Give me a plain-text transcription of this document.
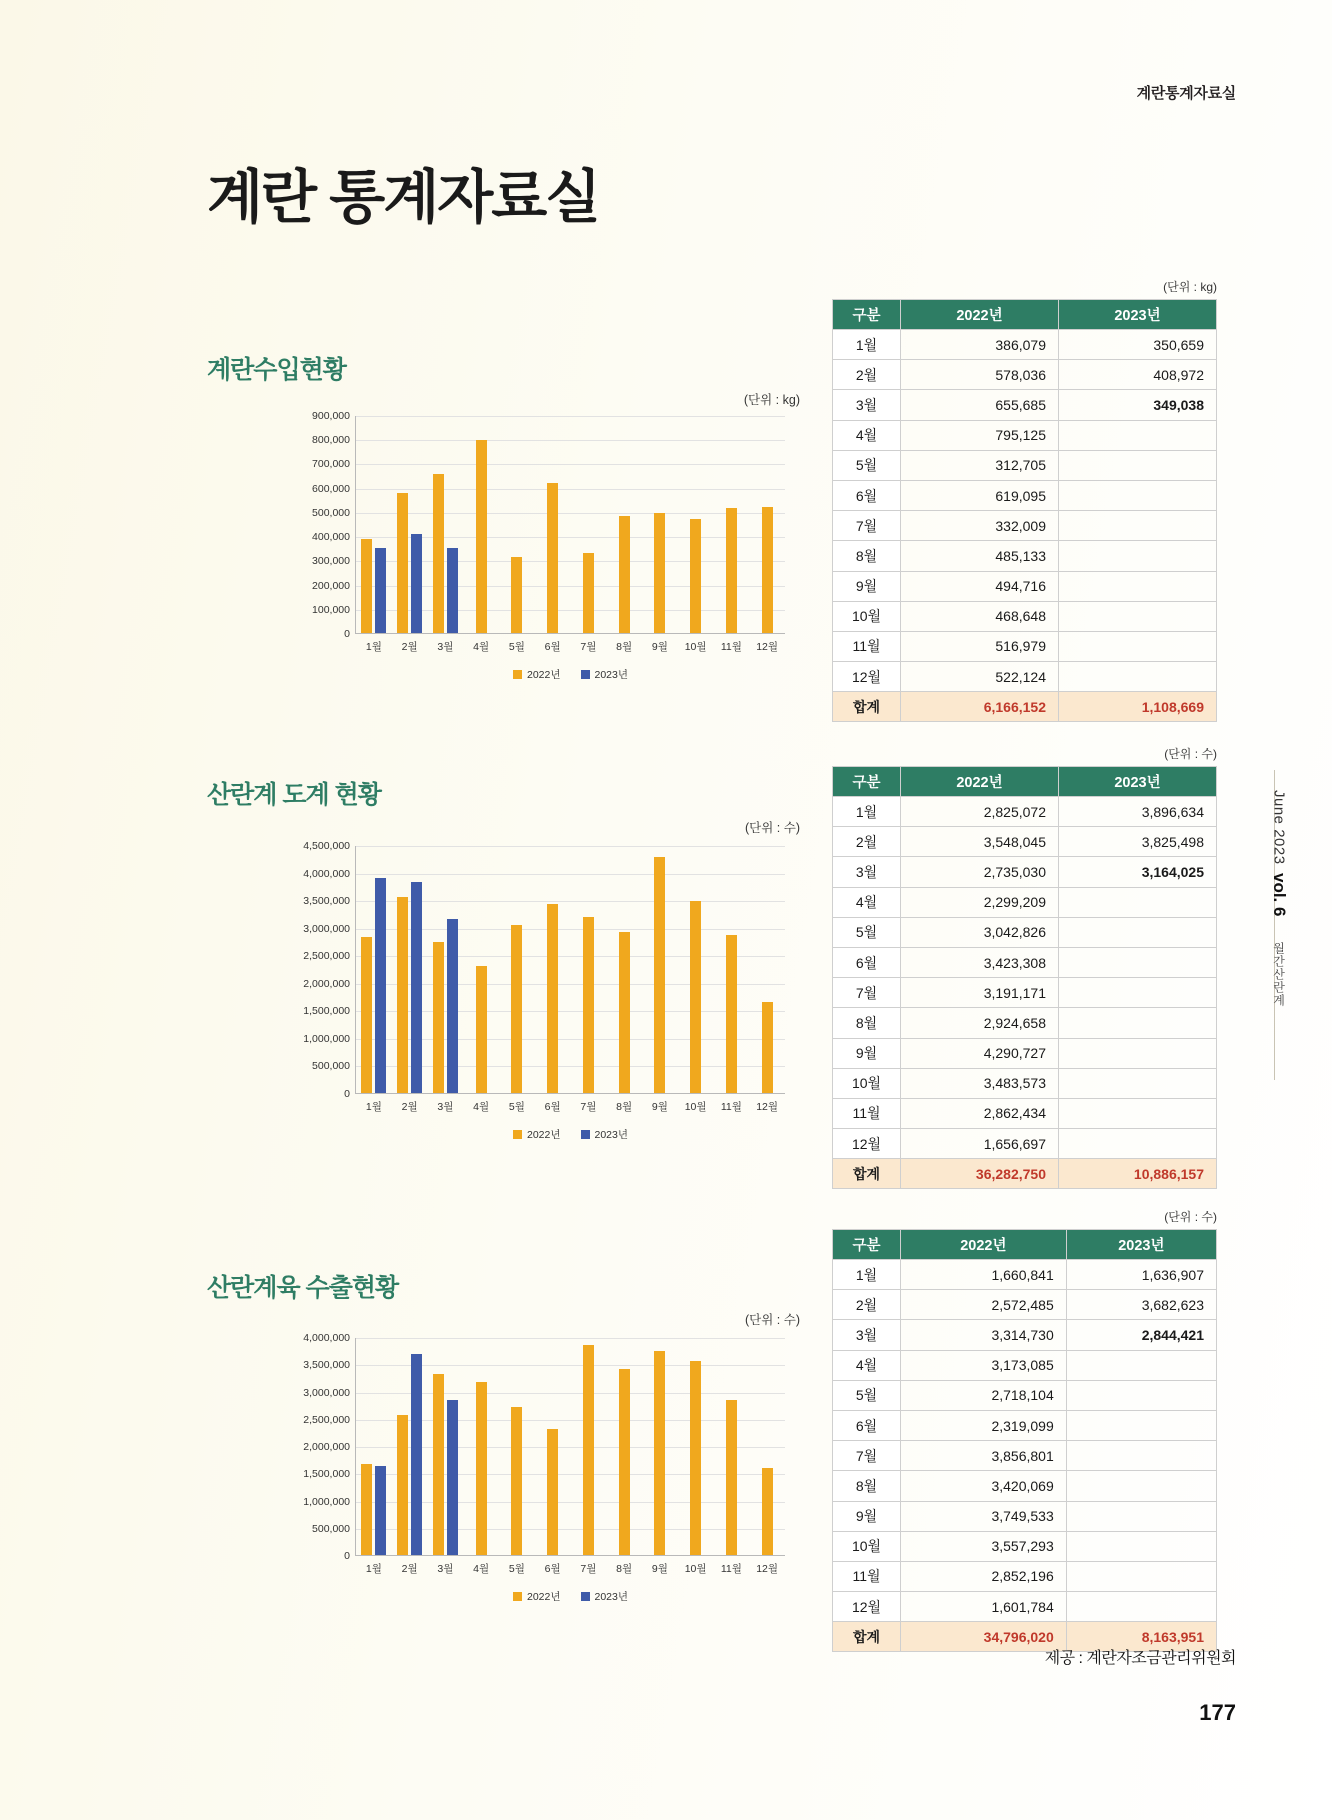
계란통계자료실
계란 통계자료실
June 2023
vol. 6
월간산란계
계란수입현황
(단위 : kg)
0
100,000
200,000
300,000
400,000
500,000
600,000
700,000
800,000
900,000
1월	2월	3월	4월	5월	6월	7월	8월	9월	10월	11월	12월
2022년	2023년
(단위 : kg)
구분	2022년	2023년
1월	386,079	350,659
2월	578,036	408,972
3월	655,685	349,038
4월	795,125	
5월	312,705	
6월	619,095	
7월	332,009	
8월	485,133	
9월	494,716	
10월	468,648	
11월	516,979	
12월	522,124	
합계	6,166,152	1,108,669
산란계 도계 현황
(단위 : 수)
0
500,000
1,000,000
1,500,000
2,000,000
2,500,000
3,000,000
3,500,000
4,000,000
4,500,000
1월	2월	3월	4월	5월	6월	7월	8월	9월	10월	11월	12월
2022년	2023년
(단위 : 수)
구분	2022년	2023년
1월	2,825,072	3,896,634
2월	3,548,045	3,825,498
3월	2,735,030	3,164,025
4월	2,299,209	
5월	3,042,826	
6월	3,423,308	
7월	3,191,171	
8월	2,924,658	
9월	4,290,727	
10월	3,483,573	
11월	2,862,434	
12월	1,656,697	
합계	36,282,750	10,886,157
산란계육 수출현황
(단위 : 수)
0
500,000
1,000,000
1,500,000
2,000,000
2,500,000
3,000,000
3,500,000
4,000,000
1월	2월	3월	4월	5월	6월	7월	8월	9월	10월	11월	12월
2022년	2023년
(단위 : 수)
구분	2022년	2023년
1월	1,660,841	1,636,907
2월	2,572,485	3,682,623
3월	3,314,730	2,844,421
4월	3,173,085	
5월	2,718,104	
6월	2,319,099	
7월	3,856,801	
8월	3,420,069	
9월	3,749,533	
10월	3,557,293	
11월	2,852,196	
12월	1,601,784	
합계	34,796,020	8,163,951
제공 : 계란자조금관리위원회
177
